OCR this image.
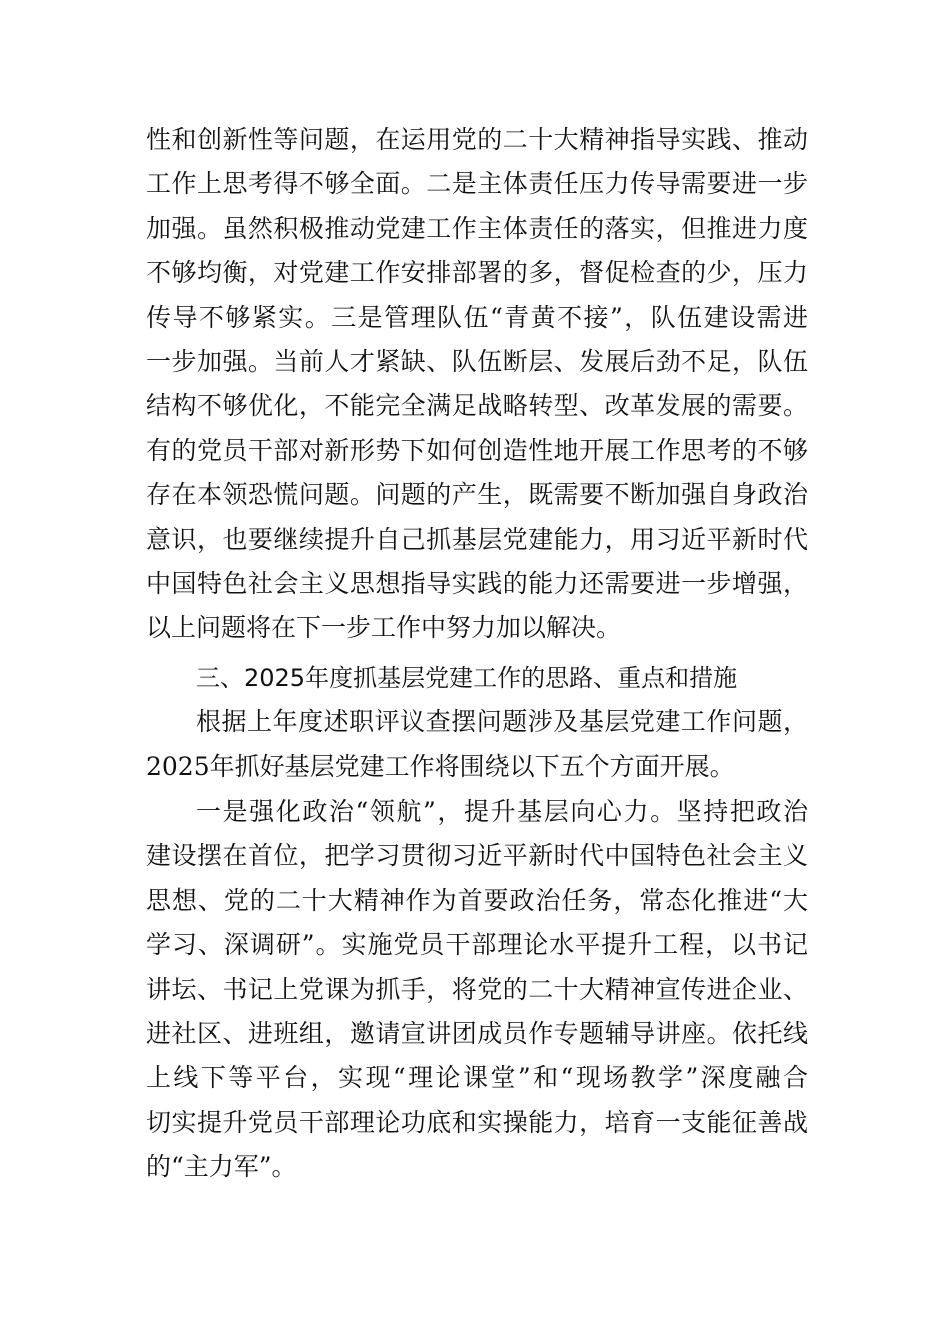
性和创新性等问题，在运用党的二十大精神指导实践、推动
工作上思考得不够全面。二是主体责任压力传导需要进一步
加强。虽然积极推动党建工作主体责任的落实，但推进力度
不够均衡，对党建工作安排部署的多，督促检查的少，压力
传导不够紧实。三是管理队伍“青黄不接”，队伍建设需进
一步加强。当前人才紧缺、队伍断层、发展后劲不足，队伍
结构不够优化，不能完全满足战略转型、改革发展的需要。
有的党员干部对新形势下如何创造性地开展工作思考的不够
存在本领恐慌问题。问题的产生，既需要不断加强自身政治
意识，也要继续提升自己抓基层党建能力，用习近平新时代
中国特色社会主义思想指导实践的能力还需要进一步增强，
以上问题将在下一步工作中努力加以解决。
三、2025年度抓基层党建工作的思路、重点和措施
根据上年度述职评议查摆问题涉及基层党建工作问题，
2025年抓好基层党建工作将围绕以下五个方面开展。
一是强化政治“领航”，提升基层向心力。坚持把政治
建设摆在首位，把学习贯彻习近平新时代中国特色社会主义
思想、党的二十大精神作为首要政治任务，常态化推进“大
学习、深调研”。实施党员干部理论水平提升工程，以书记
讲坛、书记上党课为抓手，将党的二十大精神宣传进企业、
进社区、进班组，邀请宣讲团成员作专题辅导讲座。依托线
上线下等平台，实现“理论课堂”和“现场教学”深度融合
切实提升党员干部理论功底和实操能力，培育一支能征善战
的“主力军”。
